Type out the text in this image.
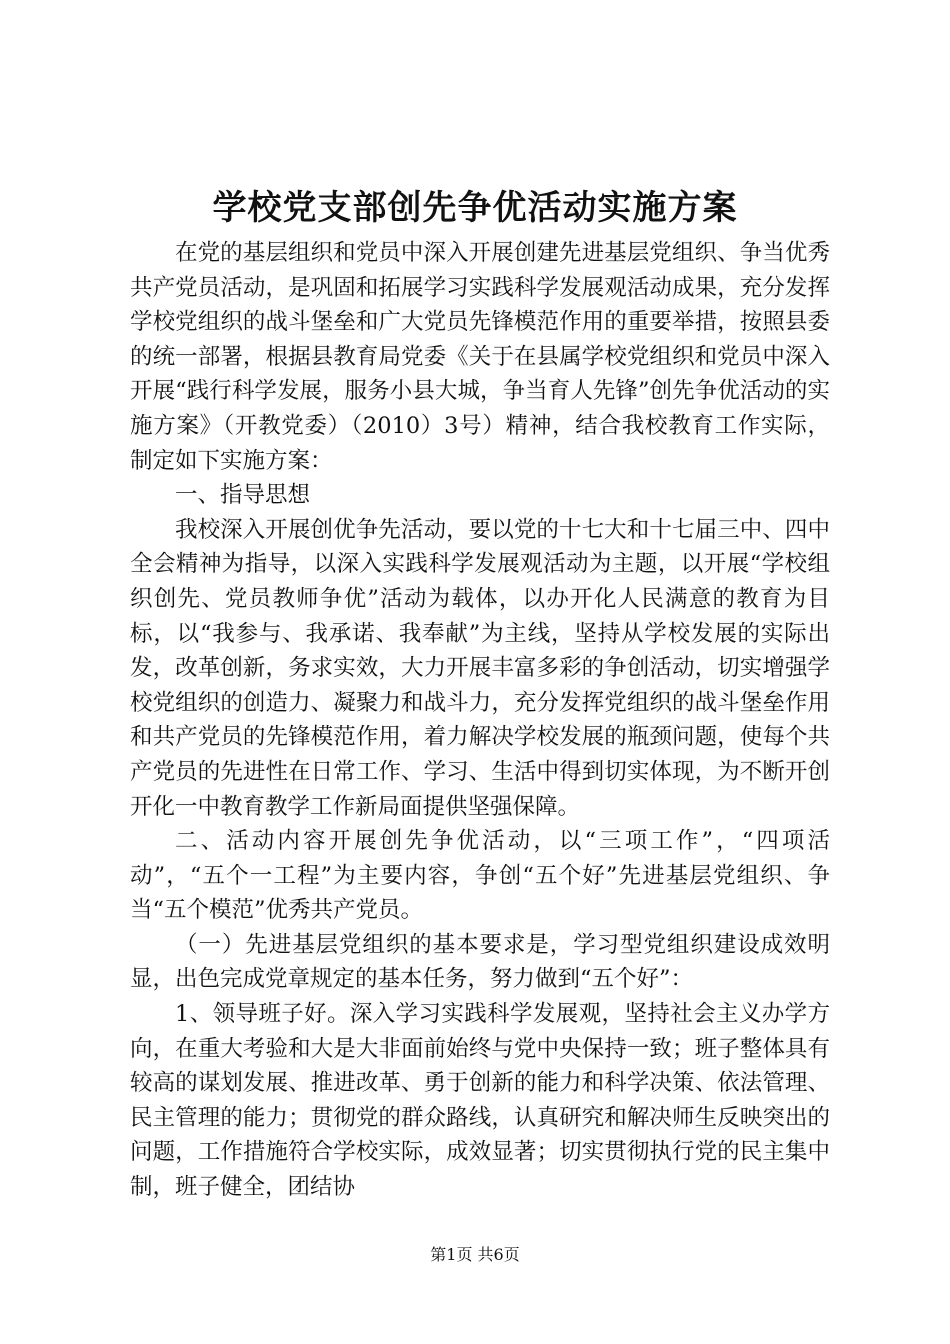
学校党支部创先争优活动实施方案

在党的基层组织和党员中深入开展创建先进基层党组织、争当优秀共产党员活动，是巩固和拓展学习实践科学发展观活动成果，充分发挥学校党组织的战斗堡垒和广大党员先锋模范作用的重要举措，按照县委的统一部署，根据县教育局党委《关于在县属学校党组织和党员中深入开展“践行科学发展，服务小县大城，争当育人先锋”创先争优活动的实施方案》（开教党委）（2010）3号）精神，结合我校教育工作实际，制定如下实施方案：

一、指导思想

我校深入开展创优争先活动，要以党的十七大和十七届三中、四中全会精神为指导，以深入实践科学发展观活动为主题，以开展“学校组织创先、党员教师争优”活动为载体，以办开化人民满意的教育为目标，以“我参与、我承诺、我奉献”为主线，坚持从学校发展的实际出发，改革创新，务求实效，大力开展丰富多彩的争创活动，切实增强学校党组织的创造力、凝聚力和战斗力，充分发挥党组织的战斗堡垒作用和共产党员的先锋模范作用，着力解决学校发展的瓶颈问题，使每个共产党员的先进性在日常工作、学习、生活中得到切实体现，为不断开创开化一中教育教学工作新局面提供坚强保障。

二、活动内容开展创先争优活动，以“三项工作”，“四项活动”，“五个一工程”为主要内容，争创“五个好”先进基层党组织、争当“五个模范”优秀共产党员。

（一）先进基层党组织的基本要求是，学习型党组织建设成效明显，出色完成党章规定的基本任务，努力做到“五个好”：

1、领导班子好。深入学习实践科学发展观，坚持社会主义办学方向，在重大考验和大是大非面前始终与党中央保持一致；班子整体具有较高的谋划发展、推进改革、勇于创新的能力和科学决策、依法管理、民主管理的能力；贯彻党的群众路线，认真研究和解决师生反映突出的问题，工作措施符合学校实际，成效显著；切实贯彻执行党的民主集中制，班子健全，团结协

第1页 共6页
